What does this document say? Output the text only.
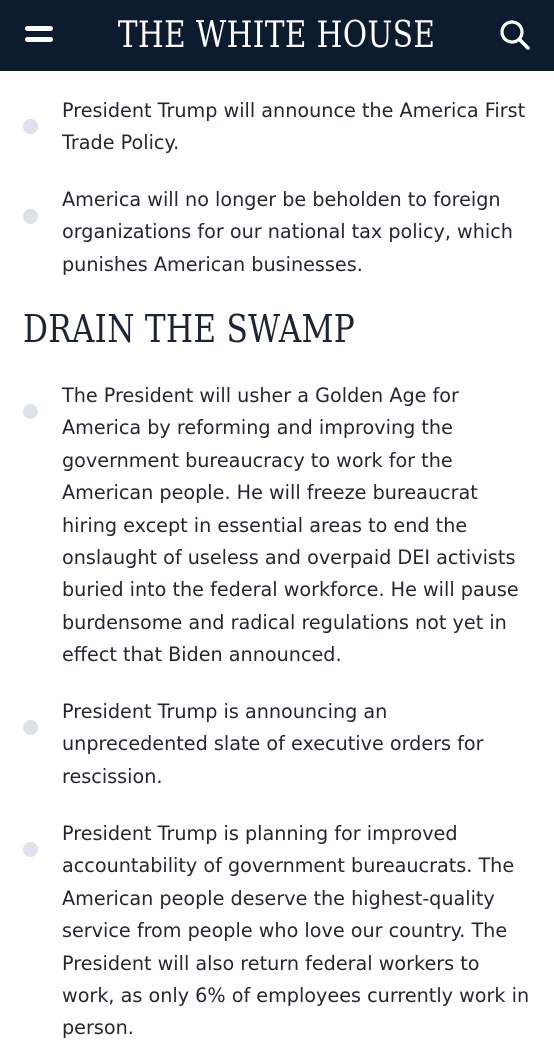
THE WHITE HOUSE
President Trump will announce the America First Trade Policy.
America will no longer be beholden to foreign organizations for our national tax policy, which punishes American businesses.
DRAIN THE SWAMP
The President will usher a Golden Age for America by reforming and improving the government bureaucracy to work for the American people. He will freeze bureaucrat hiring except in essential areas to end the onslaught of useless and overpaid DEI activists buried into the federal workforce. He will pause burdensome and radical regulations not yet in effect that Biden announced.
President Trump is announcing an unprecedented slate of executive orders for rescission.
President Trump is planning for improved accountability of government bureaucrats. The American people deserve the highest-quality service from people who love our country. The President will also return federal workers to work, as only 6% of employees currently work in person.
